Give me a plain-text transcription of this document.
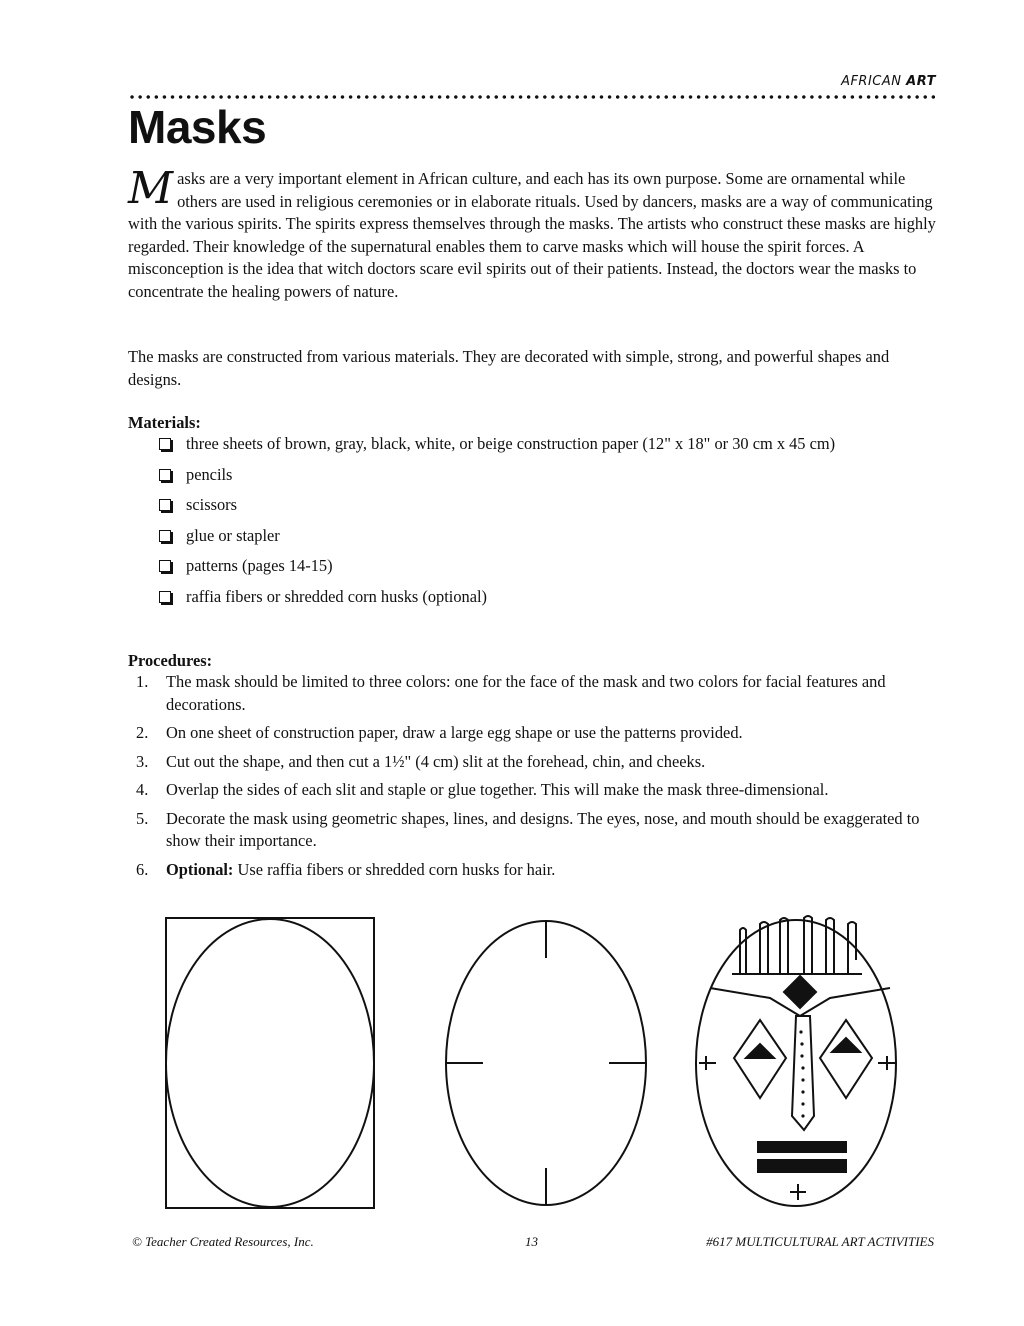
AFRICAN ART
Masks
Masks are a very important element in African culture, and each has its own purpose. Some are ornamental while others are used in religious ceremonies or in elaborate rituals. Used by dancers, masks are a way of communicating with the various spirits. The spirits express themselves through the masks. The artists who construct these masks are highly regarded. Their knowledge of the supernatural enables them to carve masks which will house the spirit forces. A misconception is the idea that witch doctors scare evil spirits out of their patients. Instead, the doctors wear the masks to concentrate the healing powers of nature.
The masks are constructed from various materials. They are decorated with simple, strong, and powerful shapes and designs.

Materials:

three sheets of brown, gray, black, white, or beige construction paper (12" x 18" or 30 cm x 45 cm)
pencils
scissors
glue or stapler
patterns (pages 14-15)
raffia fibers or shredded corn husks (optional)

Procedures:

1. The mask should be limited to three colors: one for the face of the mask and two colors for facial features and decorations.
2. On one sheet of construction paper, draw a large egg shape or use the patterns provided.
3. Cut out the shape, and then cut a 1½" (4 cm) slit at the forehead, chin, and cheeks.
4. Overlap the sides of each slit and staple or glue together. This will make the mask three-dimensional.
5. Decorate the mask using geometric shapes, lines, and designs. The eyes, nose, and mouth should be exaggerated to show their importance.
6. Optional: Use raffia fibers or shredded corn husks for hair.
© Teacher Created Resources, Inc.	13	#617 MULTICULTURAL ART ACTIVITIES
